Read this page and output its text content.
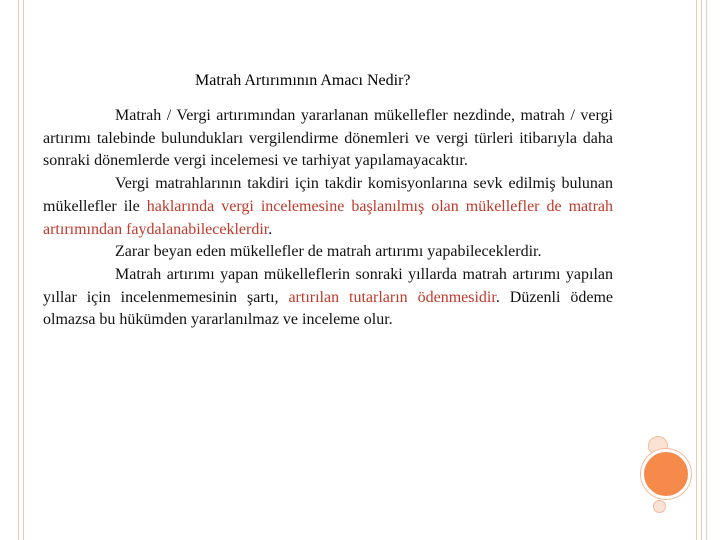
Matrah Artırımının Amacı Nedir?

Matrah / Vergi artırımından yararlanan mükellefler nezdinde, matrah / vergi artırımı talebinde bulundukları vergilendirme dönemleri ve vergi türleri itibarıyla daha sonraki dönemlerde vergi incelemesi ve tarhiyat yapılamayacaktır.

Vergi matrahlarının takdiri için takdir komisyonlarına sevk edilmiş bulunan mükellefler ile haklarında vergi incelemesine başlanılmış olan mükellefler de matrah artırımından faydalanabileceklerdir.

Zarar beyan eden mükellefler de matrah artırımı yapabileceklerdir.

Matrah artırımı yapan mükelleflerin sonraki yıllarda matrah artırımı yapılan yıllar için incelenmemesinin şartı, artırılan tutarların ödenmesidir. Düzenli ödeme olmazsa bu hükümden yararlanılmaz ve inceleme olur.
